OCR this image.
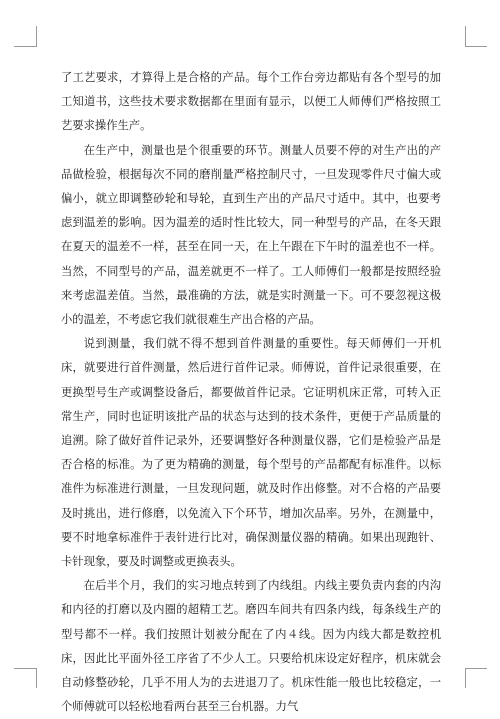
了工艺要求，才算得上是合格的产品。每个工作台旁边都贴有各个型号的加工知道书，这些技术要求数据都在里面有显示，以便工人师傅们严格按照工艺要求操作生产。

在生产中，测量也是个很重要的环节。测量人员要不停的对生产出的产品做检验，根据每次不同的磨削量严格控制尺寸，一旦发现零件尺寸偏大或偏小，就立即调整砂轮和导轮，直到生产出的产品尺寸适中。其中，也要考虑到温差的影响。因为温差的适时性比较大，同一种型号的产品，在冬天跟在夏天的温差不一样，甚至在同一天，在上午跟在下午时的温差也不一样。当然，不同型号的产品，温差就更不一样了。工人师傅们一般都是按照经验来考虑温差值。当然，最准确的方法，就是实时测量一下。可不要忽视这极小的温差，不考虑它我们就很难生产出合格的产品。

说到测量，我们就不得不想到首件测量的重要性。每天师傅们一开机床，就要进行首件测量，然后进行首件记录。师傅说，首件记录很重要，在更换型号生产或调整设备后，都要做首件记录。它证明机床正常，可转入正常生产，同时也证明该批产品的状态与达到的技术条件，更便于产品质量的追溯。除了做好首件记录外，还要调整好各种测量仪器，它们是检验产品是否合格的标准。为了更为精确的测量，每个型号的产品都配有标准件。以标准件为标准进行测量，一旦发现问题，就及时作出修整。对不合格的产品要及时挑出，进行修磨，以免流入下个环节，增加次品率。另外，在测量中，要不时地拿标准件于表针进行比对，确保测量仪器的精确。如果出现跑针、卡针现象，要及时调整或更换表头。

在后半个月，我们的实习地点转到了内线组。内线主要负责内套的内沟和内径的打磨以及内圈的超精工艺。磨四车间共有四条内线，每条线生产的型号都不一样。我们按照计划被分配在了内４线。因为内线大都是数控机床，因此比平面外径工序省了不少人工。只要给机床设定好程序，机床就会自动修整砂轮，几乎不用人为的去进退刀了。机床性能一般也比较稳定，一个师傅就可以轻松地看两台甚至三台机器。力气
